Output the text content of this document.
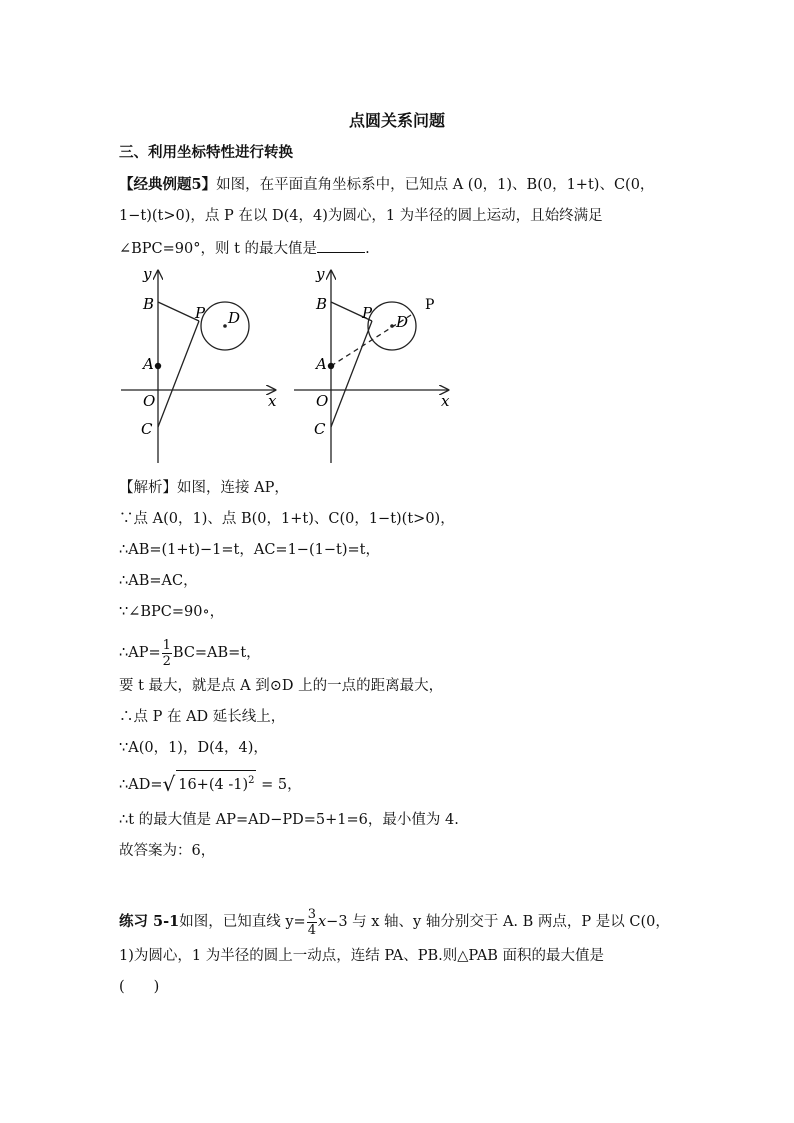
点圆关系问题
三、利用坐标特性进行转换
【经典例题5】如图，在平面直角坐标系中，已知点 A (0，1)、B(0，1+t)、C(0，
1−t)(t>0)，点 P 在以 D(4，4)为圆心，1 为半径的圆上运动，且始终满足
∠BPC=90°，则 t 的最大值是	.
y
x
O
B
A
C
P D
y
x
O
B
A
C
P D
P
【解析】如图，连接 AP，
∵点 A(0，1)、点 B(0，1+t)、C(0，1−t)(t>0)，
∴AB=(1+t)−1=t，AC=1−(1−t)=t，
∴AB=AC，
∵∠BPC=90∘，
∴AP= $\frac{1}{2} BC=AB=t$，
要 t 最大，就是点 A 到⊙D 上的一点的距离最大，
∴点 P 在 AD 延长线上，
∵A(0，1)，D(4，4)，
∴AD=√ 16+(4 -1)$^2$ = 5，
∴t 的最大值是 AP=AD−PD=5+1=6，最小值为 4.
故答案为：6，
练习 5-1如图，已知直线 $y= \frac{3}{4} x-3$ 与 x 轴、y 轴分别交于 A. B 两点，P 是以 C(0，
1)为圆心，1 为半径的圆上一动点，连结 PA、PB.则△PAB 面积的最大值是
(　　)
